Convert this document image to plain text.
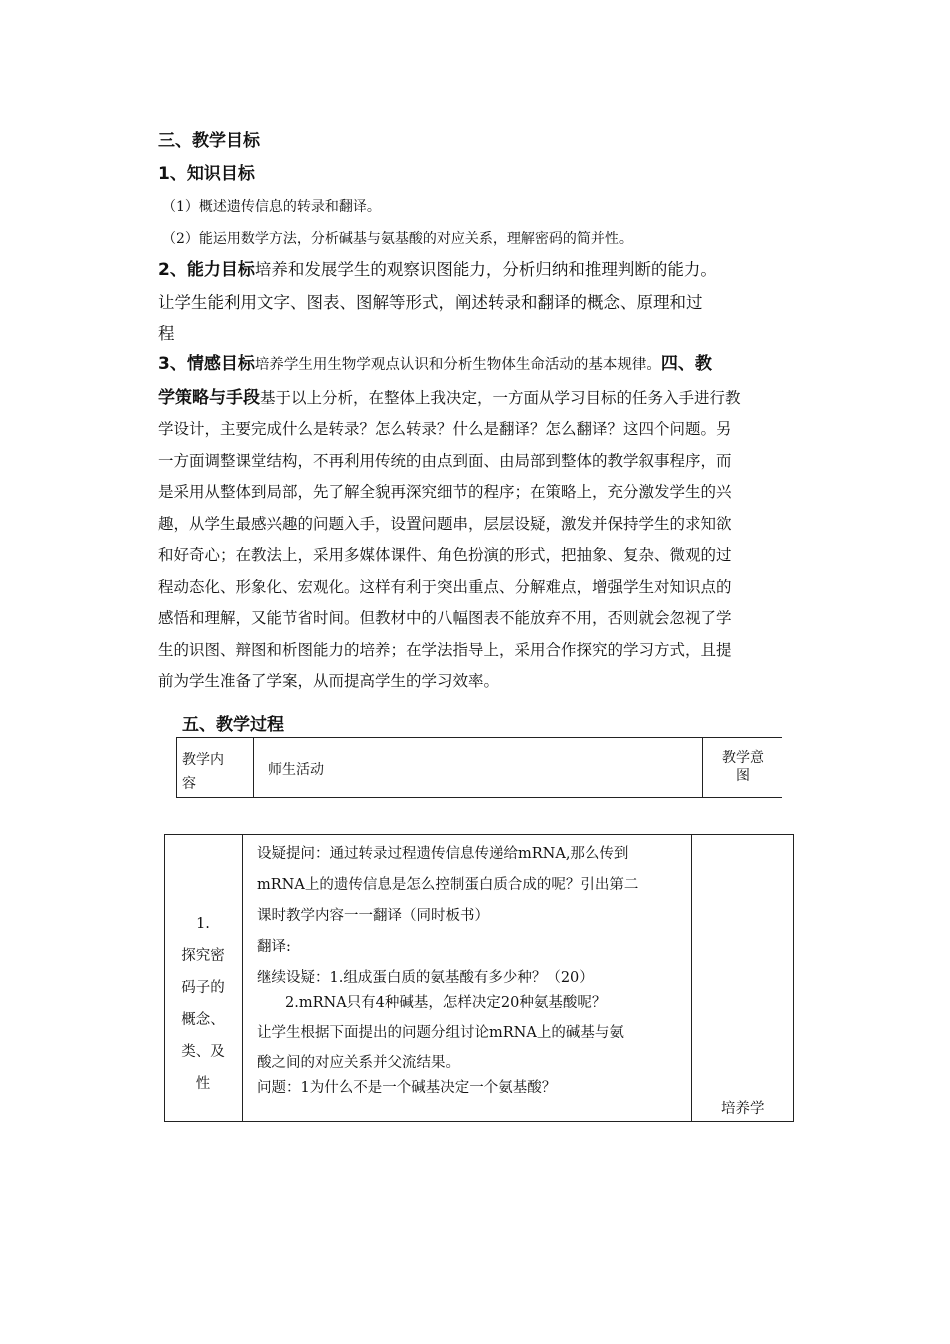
三、教学目标
1、知识目标
（1）概述遗传信息的转录和翻译。
（2）能运用数学方法，分析碱基与氨基酸的对应关系，理解密码的简并性。
2、能力目标培养和发展学生的观察识图能力，分析归纳和推理判断的能力。
让学生能利用文字、图表、图解等形式，阐述转录和翻译的概念、原理和过
程
3、情感目标培养学生用生物学观点认识和分析生物体生命活动的基本规律。四、教
学策略与手段基于以上分析，在整体上我决定，一方面从学习目标的任务入手进行教
学设计，主要完成什么是转录？怎么转录？什么是翻译？怎么翻译？这四个问题。另
一方面调整课堂结构，不再利用传统的由点到面、由局部到整体的教学叙事程序，而
是采用从整体到局部，先了解全貌再深究细节的程序；在策略上，充分激发学生的兴
趣，从学生最感兴趣的问题入手，设置问题串，层层设疑，激发并保持学生的求知欲
和好奇心；在教法上，采用多媒体课件、角色扮演的形式，把抽象、复杂、微观的过
程动态化、形象化、宏观化。这样有利于突出重点、分解难点，增强学生对知识点的
感悟和理解，又能节省时间。但教材中的八幅图表不能放弃不用，否则就会忽视了学
生的识图、辩图和析图能力的培养；在学法指导上，采用合作探究的学习方式，且提
前为学生准备了学案，从而提高学生的学习效率。
五、教学过程
教学内
容
师生活动
教学意
图
1.
探究密
码子的
概念、
类、及
性
设疑提问：通过转录过程遗传信息传递给mRNA,那么传到
mRNA上的遗传信息是怎么控制蛋白质合成的呢？引出第二
课时教学内容一一翻译（同时板书）
翻译:
继续设疑：1.组成蛋白质的氨基酸有多少种？（20）
2.mRNA只有4种碱基，怎样决定20种氨基酸呢？
让学生根据下面提出的问题分组讨论mRNA上的碱基与氨
酸之间的对应关系并父流结果。
问题：1为什么不是一个碱基决定一个氨基酸？
培养学
